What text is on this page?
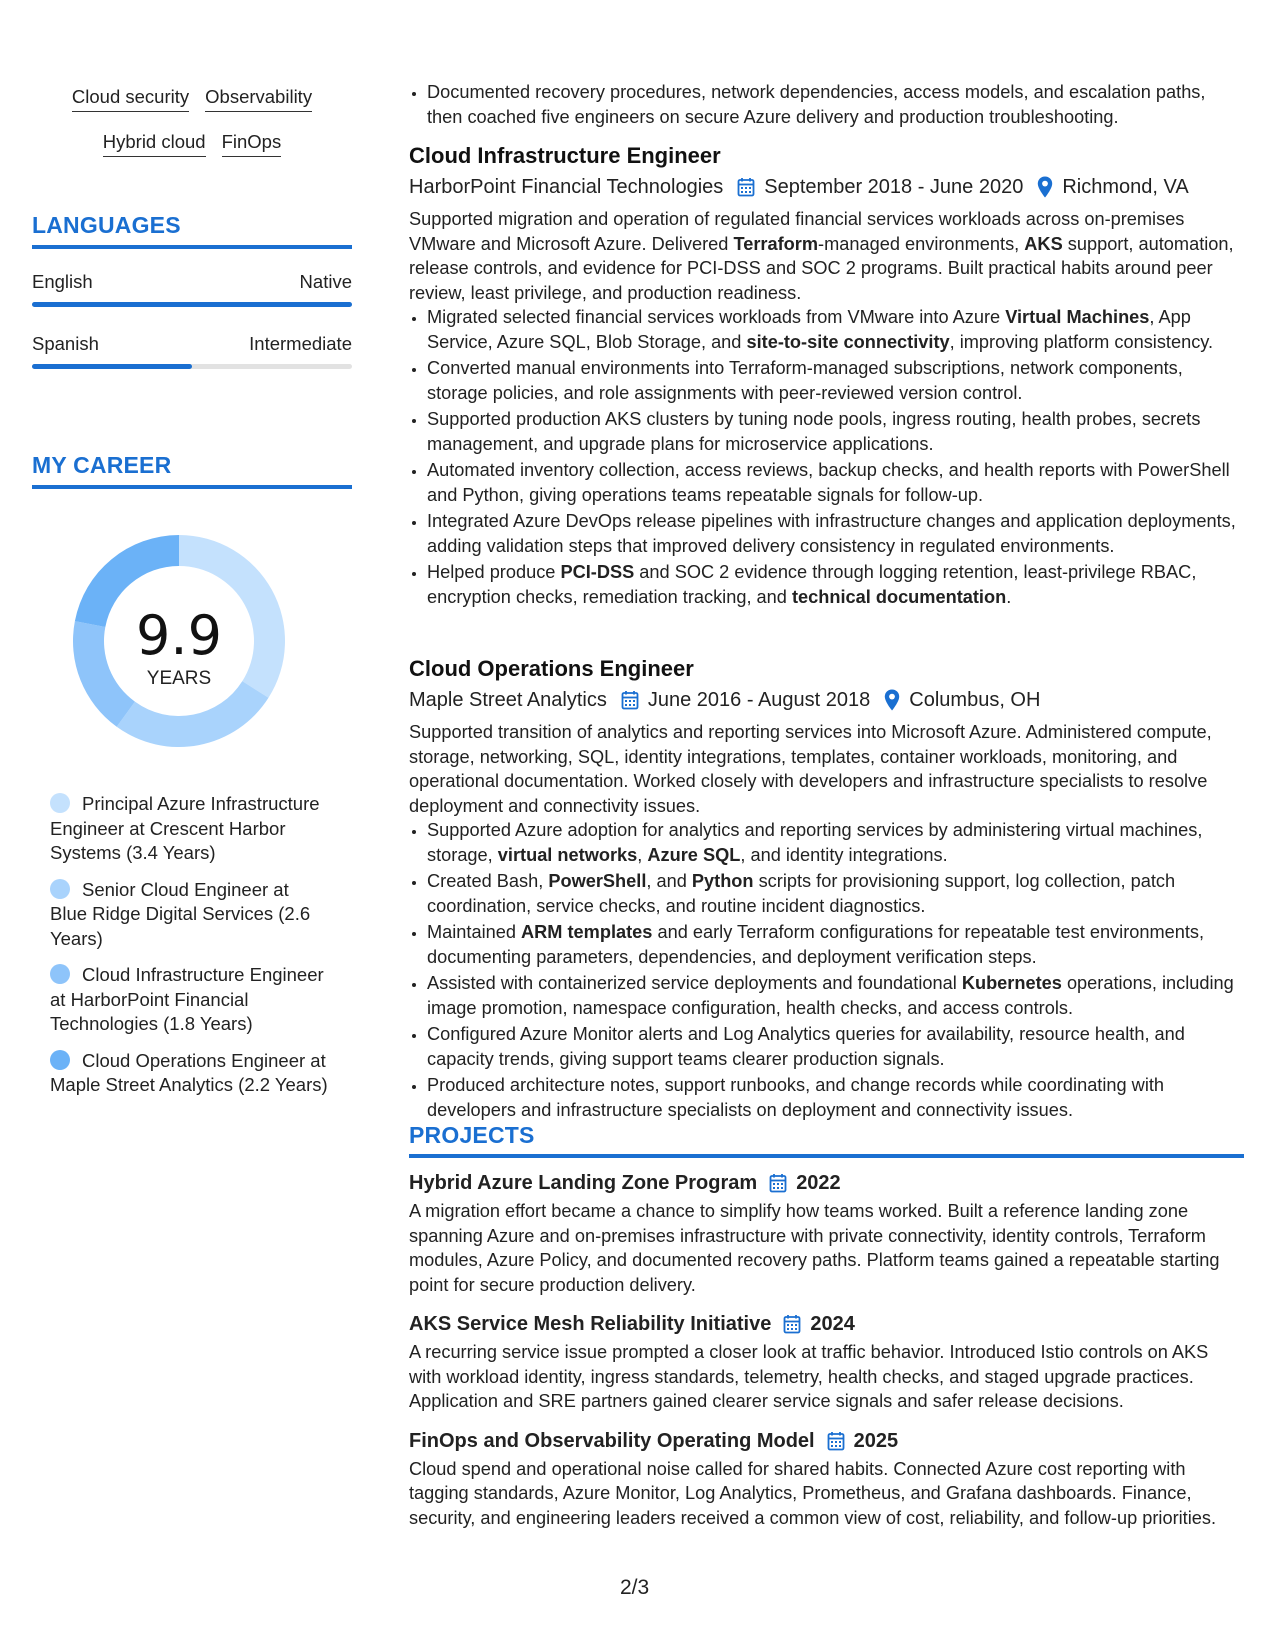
Cloud security Observability
Hybrid cloud FinOps
LANGUAGES
English	Native
Spanish	Intermediate
MY CAREER
9.9
YEARS
Principal Azure Infrastructure Engineer at Crescent Harbor Systems (3.4 Years)
Senior Cloud Engineer at Blue Ridge Digital Services (2.6 Years)
Cloud Infrastructure Engineer at HarborPoint Financial Technologies (1.8 Years)
Cloud Operations Engineer at Maple Street Analytics (2.2 Years)
• Documented recovery procedures, network dependencies, access models, and escalation paths, then coached five engineers on secure Azure delivery and production troubleshooting.
Cloud Infrastructure Engineer
HarborPoint Financial Technologies September 2018 - June 2020 Richmond, VA
Supported migration and operation of regulated financial services workloads across on-premises VMware and Microsoft Azure. Delivered Terraform-managed environments, AKS support, automation, release controls, and evidence for PCI-DSS and SOC 2 programs. Built practical habits around peer review, least privilege, and production readiness.
• Migrated selected financial services workloads from VMware into Azure Virtual Machines, App Service, Azure SQL, Blob Storage, and site-to-site connectivity, improving platform consistency.
• Converted manual environments into Terraform-managed subscriptions, network components, storage policies, and role assignments with peer-reviewed version control.
• Supported production AKS clusters by tuning node pools, ingress routing, health probes, secrets management, and upgrade plans for microservice applications.
• Automated inventory collection, access reviews, backup checks, and health reports with PowerShell and Python, giving operations teams repeatable signals for follow-up.
• Integrated Azure DevOps release pipelines with infrastructure changes and application deployments, adding validation steps that improved delivery consistency in regulated environments.
• Helped produce PCI-DSS and SOC 2 evidence through logging retention, least-privilege RBAC, encryption checks, remediation tracking, and technical documentation.
Cloud Operations Engineer
Maple Street Analytics June 2016 - August 2018 Columbus, OH
Supported transition of analytics and reporting services into Microsoft Azure. Administered compute, storage, networking, SQL, identity integrations, templates, container workloads, monitoring, and operational documentation. Worked closely with developers and infrastructure specialists to resolve deployment and connectivity issues.
• Supported Azure adoption for analytics and reporting services by administering virtual machines, storage, virtual networks, Azure SQL, and identity integrations.
• Created Bash, PowerShell, and Python scripts for provisioning support, log collection, patch coordination, service checks, and routine incident diagnostics.
• Maintained ARM templates and early Terraform configurations for repeatable test environments, documenting parameters, dependencies, and deployment verification steps.
• Assisted with containerized service deployments and foundational Kubernetes operations, including image promotion, namespace configuration, health checks, and access controls.
• Configured Azure Monitor alerts and Log Analytics queries for availability, resource health, and capacity trends, giving support teams clearer production signals.
• Produced architecture notes, support runbooks, and change records while coordinating with developers and infrastructure specialists on deployment and connectivity issues.
PROJECTS
Hybrid Azure Landing Zone Program 2022
A migration effort became a chance to simplify how teams worked. Built a reference landing zone spanning Azure and on-premises infrastructure with private connectivity, identity controls, Terraform modules, Azure Policy, and documented recovery paths. Platform teams gained a repeatable starting point for secure production delivery.
AKS Service Mesh Reliability Initiative 2024
A recurring service issue prompted a closer look at traffic behavior. Introduced Istio controls on AKS with workload identity, ingress standards, telemetry, health checks, and staged upgrade practices. Application and SRE partners gained clearer service signals and safer release decisions.
FinOps and Observability Operating Model 2025
Cloud spend and operational noise called for shared habits. Connected Azure cost reporting with tagging standards, Azure Monitor, Log Analytics, Prometheus, and Grafana dashboards. Finance, security, and engineering leaders received a common view of cost, reliability, and follow-up priorities.
2/3
